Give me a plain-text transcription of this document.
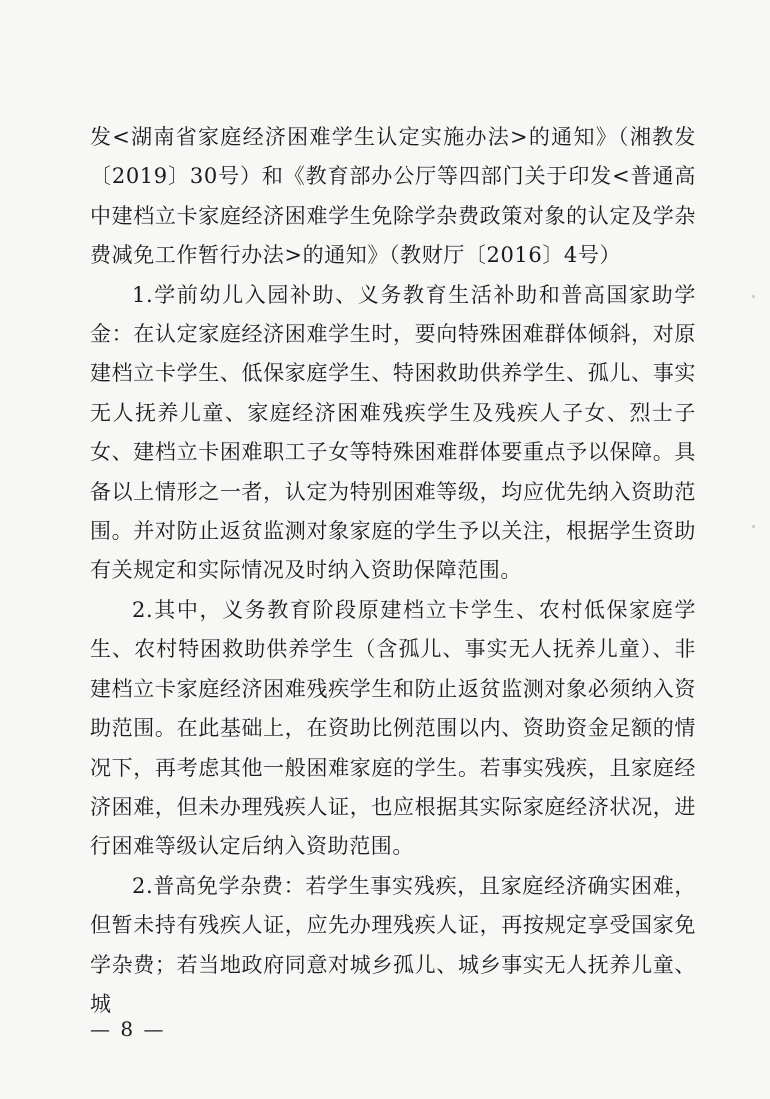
发<湖南省家庭经济困难学生认定实施办法>的通知》（湘教发〔2019〕30号）和《教育部办公厅等四部门关于印发<普通高中建档立卡家庭经济困难学生免除学杂费政策对象的认定及学杂费减免工作暂行办法>的通知》（教财厅〔2016〕4号）

1.学前幼儿入园补助、义务教育生活补助和普高国家助学金：在认定家庭经济困难学生时，要向特殊困难群体倾斜，对原建档立卡学生、低保家庭学生、特困救助供养学生、孤儿、事实无人抚养儿童、家庭经济困难残疾学生及残疾人子女、烈士子女、建档立卡困难职工子女等特殊困难群体要重点予以保障。具备以上情形之一者，认定为特别困难等级，均应优先纳入资助范围。并对防止返贫监测对象家庭的学生予以关注，根据学生资助有关规定和实际情况及时纳入资助保障范围。

2.其中，义务教育阶段原建档立卡学生、农村低保家庭学生、农村特困救助供养学生（含孤儿、事实无人抚养儿童）、非建档立卡家庭经济困难残疾学生和防止返贫监测对象必须纳入资助范围。在此基础上，在资助比例范围以内、资助资金足额的情况下，再考虑其他一般困难家庭的学生。若事实残疾，且家庭经济困难，但未办理残疾人证，也应根据其实际家庭经济状况，进行困难等级认定后纳入资助范围。

2.普高免学杂费：若学生事实残疾，且家庭经济确实困难，但暂未持有残疾人证，应先办理残疾人证，再按规定享受国家免学杂费；若当地政府同意对城乡孤儿、城乡事实无人抚养儿童、城

— 8 —
